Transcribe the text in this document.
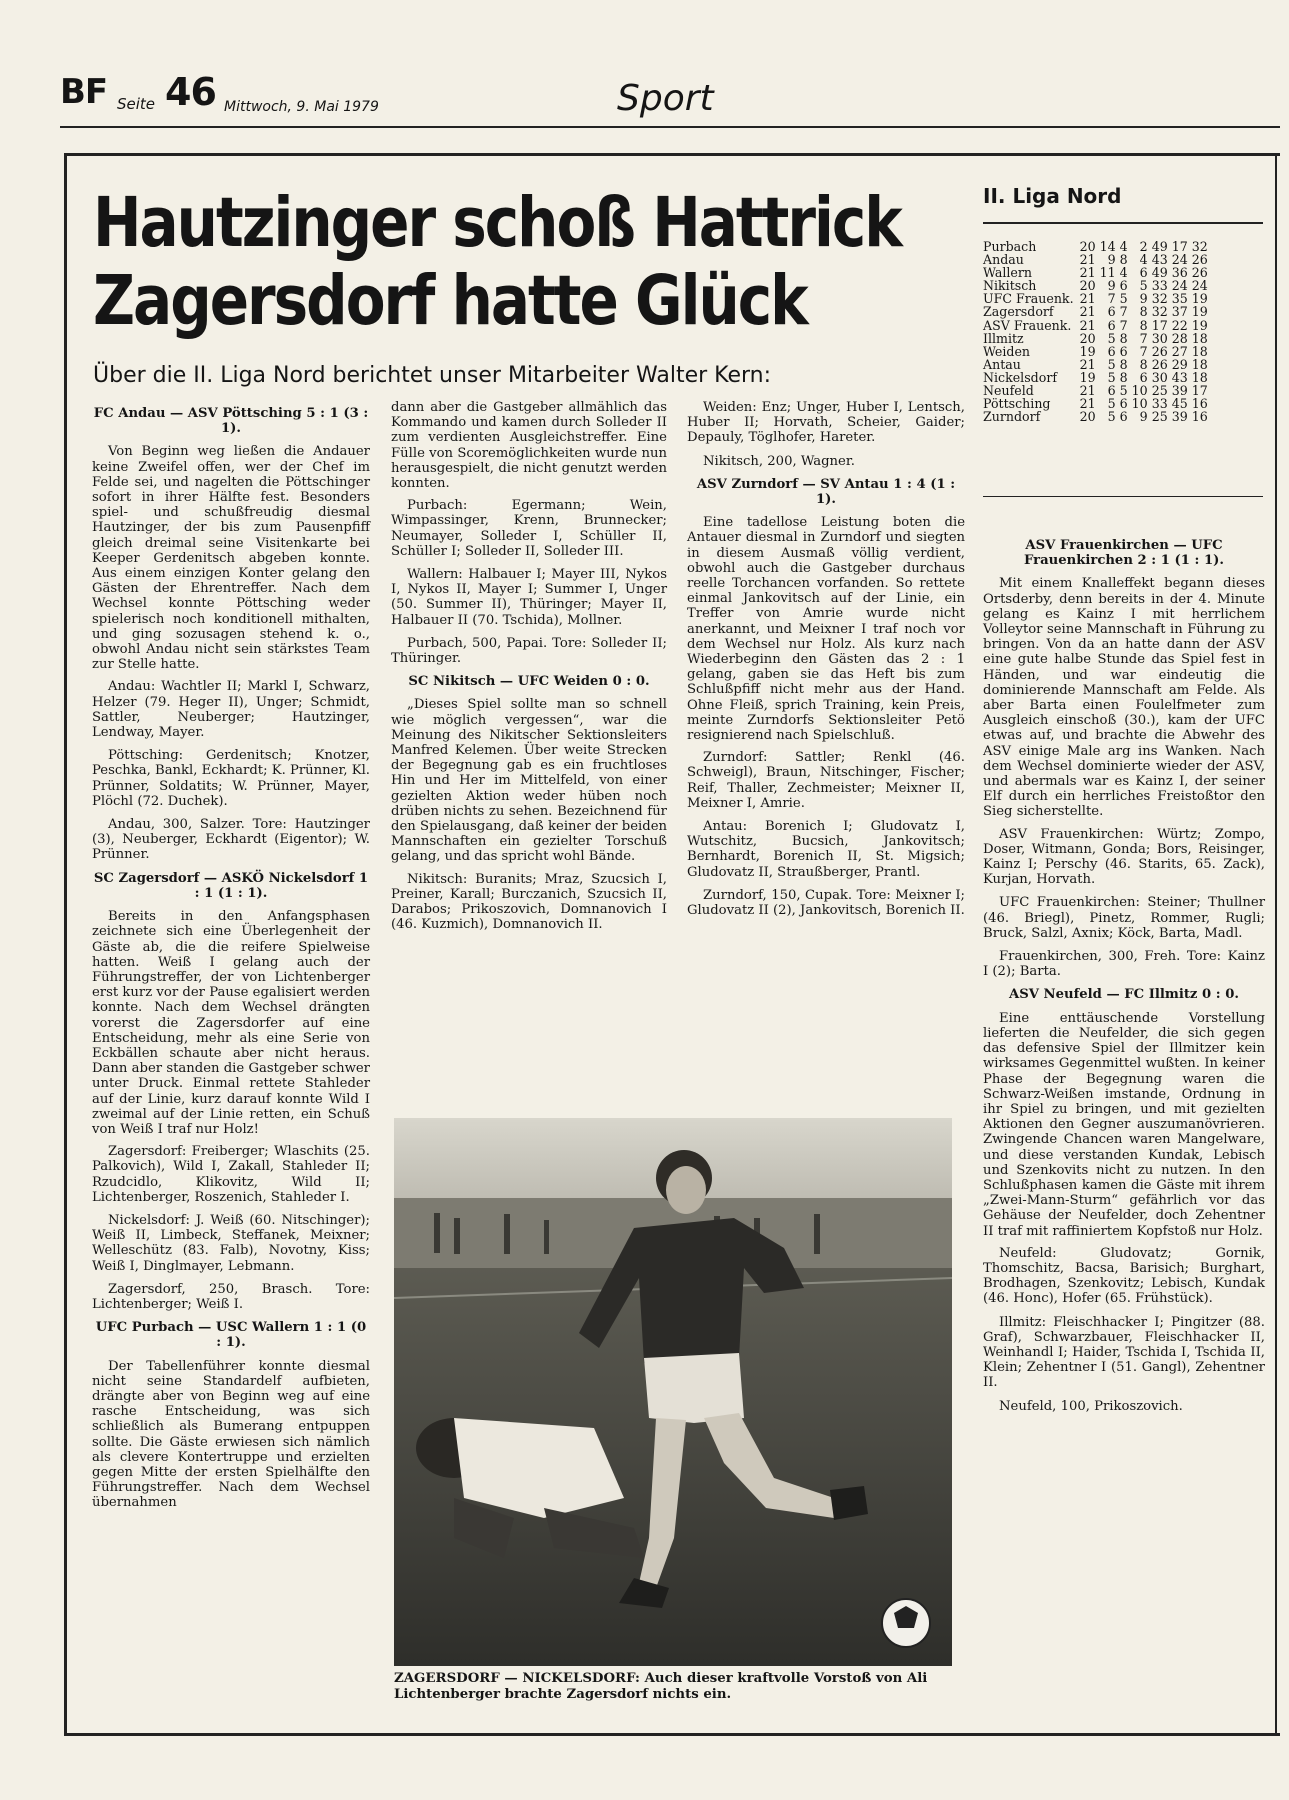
BF Seite 46 Mittwoch, 9. Mai 1979	Sport
Hautzinger schoß Hattrick
Zagersdorf hatte Glück
Über die II. Liga Nord berichtet unser Mitarbeiter Walter Kern:
II. Liga Nord
Purbach	20	14	4	2	49	17	32
Andau	21	9	8	4	43	24	26
Wallern	21	11	4	6	49	36	26
Nikitsch	20	9	6	5	33	24	24
UFC Frauenk.	21	7	5	9	32	35	19
Zagersdorf	21	6	7	8	32	37	19
ASV Frauenk.	21	6	7	8	17	22	19
Illmitz	20	5	8	7	30	28	18
Weiden	19	6	6	7	26	27	18
Antau	21	5	8	8	26	29	18
Nickelsdorf	19	5	8	6	30	43	18
Neufeld	21	6	5	10	25	39	17
Pöttsching	21	5	6	10	33	45	16
Zurndorf	20	5	6	9	25	39	16
FC Andau — ASV Pöttsching 5 : 1 (3 : 1).

Von Beginn weg ließen die Andauer keine Zweifel offen, wer der Chef im Felde sei, und nagelten die Pöttschinger sofort in ihrer Hälfte fest. Besonders spiel- und schußfreudig diesmal Hautzinger, der bis zum Pausenpfiff gleich dreimal seine Visitenkarte bei Keeper Gerdenitsch abgeben konnte. Aus einem einzigen Konter gelang den Gästen der Ehrentreffer. Nach dem Wechsel konnte Pöttsching weder spielerisch noch konditionell mithalten, und ging sozusagen stehend k. o., obwohl Andau nicht sein stärkstes Team zur Stelle hatte.

Andau: Wachtler II; Markl I, Schwarz, Helzer (79. Heger II), Unger; Schmidt, Sattler, Neuberger; Hautzinger, Lendway, Mayer.

Pöttsching: Gerdenitsch; Knotzer, Peschka, Bankl, Eckhardt; K. Prünner, Kl. Prünner, Soldatits; W. Prünner, Mayer, Plöchl (72. Duchek).

Andau, 300, Salzer. Tore: Hautzinger (3), Neuberger, Eckhardt (Eigentor); W. Prünner.

SC Zagersdorf — ASKÖ Nickelsdorf 1 : 1 (1 : 1).

Bereits in den Anfangsphasen zeichnete sich eine Überlegenheit der Gäste ab, die die reifere Spielweise hatten. Weiß I gelang auch der Führungstreffer, der von Lichtenberger erst kurz vor der Pause egalisiert werden konnte. Nach dem Wechsel drängten vorerst die Zagersdorfer auf eine Entscheidung, mehr als eine Serie von Eckbällen schaute aber nicht heraus. Dann aber standen die Gastgeber schwer unter Druck. Einmal rettete Stahleder auf der Linie, kurz darauf konnte Wild I zweimal auf der Linie retten, ein Schuß von Weiß I traf nur Holz!

Zagersdorf: Freiberger; Wlaschits (25. Palkovich), Wild I, Zakall, Stahleder II; Rzudcidlo, Klikovitz, Wild II; Lichtenberger, Roszenich, Stahleder I.

Nickelsdorf: J. Weiß (60. Nitschinger); Weiß II, Limbeck, Steffanek, Meixner; Welleschütz (83. Falb), Novotny, Kiss; Weiß I, Dinglmayer, Lebmann.

Zagersdorf, 250, Brasch. Tore: Lichtenberger; Weiß I.

UFC Purbach — USC Wallern 1 : 1 (0 : 1).

Der Tabellenführer konnte diesmal nicht seine Standardelf aufbieten, drängte aber von Beginn weg auf eine rasche Entscheidung, was sich schließlich als Bumerang entpuppen sollte. Die Gäste erwiesen sich nämlich als clevere Kontertruppe und erzielten gegen Mitte der ersten Spielhälfte den Führungstreffer. Nach dem Wechsel übernahmen

dann aber die Gastgeber allmählich das Kommando und kamen durch Solleder II zum verdienten Ausgleichstreffer. Eine Fülle von Scoremöglichkeiten wurde nun herausgespielt, die nicht genutzt werden konnten.

Purbach: Egermann; Wein, Wimpassinger, Krenn, Brunnecker; Neumayer, Solleder I, Schüller II, Schüller I; Solleder II, Solleder III.

Wallern: Halbauer I; Mayer III, Nykos I, Nykos II, Mayer I; Summer I, Unger (50. Summer II), Thüringer; Mayer II, Halbauer II (70. Tschida), Mollner.

Purbach, 500, Papai. Tore: Solleder II; Thüringer.

SC Nikitsch — UFC Weiden 0 : 0.

„Dieses Spiel sollte man so schnell wie möglich vergessen“, war die Meinung des Nikitscher Sektionsleiters Manfred Kelemen. Über weite Strecken der Begegnung gab es ein fruchtloses Hin und Her im Mittelfeld, von einer gezielten Aktion weder hüben noch drüben nichts zu sehen. Bezeichnend für den Spielausgang, daß keiner der beiden Mannschaften ein gezielter Torschuß gelang, und das spricht wohl Bände.

Nikitsch: Buranits; Mraz, Szucsich I, Preiner, Karall; Burczanich, Szucsich II, Darabos; Prikoszovich, Domnanovich I (46. Kuzmich), Domnanovich II.

Weiden: Enz; Unger, Huber I, Lentsch, Huber II; Horvath, Scheier, Gaider; Depauly, Töglhofer, Hareter.

Nikitsch, 200, Wagner.

ASV Zurndorf — SV Antau 1 : 4 (1 : 1).

Eine tadellose Leistung boten die Antauer diesmal in Zurndorf und siegten in diesem Ausmaß völlig verdient, obwohl auch die Gastgeber durchaus reelle Torchancen vorfanden. So rettete einmal Jankovitsch auf der Linie, ein Treffer von Amrie wurde nicht anerkannt, und Meixner I traf noch vor dem Wechsel nur Holz. Als kurz nach Wiederbeginn den Gästen das 2 : 1 gelang, gaben sie das Heft bis zum Schlußpfiff nicht mehr aus der Hand. Ohne Fleiß, sprich Training, kein Preis, meinte Zurndorfs Sektionsleiter Petö resignierend nach Spielschluß.

Zurndorf: Sattler; Renkl (46. Schweigl), Braun, Nitschinger, Fischer; Reif, Thaller, Zechmeister; Meixner II, Meixner I, Amrie.

Antau: Borenich I; Gludovatz I, Wutschitz, Bucsich, Jankovitsch; Bernhardt, Borenich II, St. Migsich; Gludovatz II, Straußberger, Prantl.

Zurndorf, 150, Cupak. Tore: Meixner I; Gludovatz II (2), Jankovitsch, Borenich II.

ASV Frauenkirchen — UFC Frauenkirchen 2 : 1 (1 : 1).

Mit einem Knalleffekt begann dieses Ortsderby, denn bereits in der 4. Minute gelang es Kainz I mit herrlichem Volleytor seine Mannschaft in Führung zu bringen. Von da an hatte dann der ASV eine gute halbe Stunde das Spiel fest in Händen, und war eindeutig die dominierende Mannschaft am Felde. Als aber Barta einen Foulelfmeter zum Ausgleich einschoß (30.), kam der UFC etwas auf, und brachte die Abwehr des ASV einige Male arg ins Wanken. Nach dem Wechsel dominierte wieder der ASV, und abermals war es Kainz I, der seiner Elf durch ein herrliches Freistoßtor den Sieg sicherstellte.

ASV Frauenkirchen: Würtz; Zompo, Doser, Witmann, Gonda; Bors, Reisinger, Kainz I; Perschy (46. Starits, 65. Zack), Kurjan, Horvath.

UFC Frauenkirchen: Steiner; Thullner (46. Briegl), Pinetz, Rommer, Rugli; Bruck, Salzl, Axnix; Köck, Barta, Madl.

Frauenkirchen, 300, Freh. Tore: Kainz I (2); Barta.

ASV Neufeld — FC Illmitz 0 : 0.

Eine enttäuschende Vorstellung lieferten die Neufelder, die sich gegen das defensive Spiel der Illmitzer kein wirksames Gegenmittel wußten. In keiner Phase der Begegnung waren die Schwarz-Weißen imstande, Ordnung in ihr Spiel zu bringen, und mit gezielten Aktionen den Gegner auszumanövrieren. Zwingende Chancen waren Mangelware, und diese verstanden Kundak, Lebisch und Szenkovits nicht zu nutzen. In den Schlußphasen kamen die Gäste mit ihrem „Zwei-Mann-Sturm“ gefährlich vor das Gehäuse der Neufelder, doch Zehentner II traf mit raffiniertem Kopfstoß nur Holz.

Neufeld: Gludovatz; Gornik, Thomschitz, Bacsa, Barisich; Burghart, Brodhagen, Szenkovitz; Lebisch, Kundak (46. Honc), Hofer (65. Frühstück).

Illmitz: Fleischhacker I; Pingitzer (88. Graf), Schwarzbauer, Fleischhacker II, Weinhandl I; Haider, Tschida I, Tschida II, Klein; Zehentner I (51. Gangl), Zehentner II.

Neufeld, 100, Prikoszovich.

ZAGERSDORF — NICKELSDORF: Auch dieser kraftvolle Vorstoß von Ali Lichtenberger brachte Zagersdorf nichts ein.
